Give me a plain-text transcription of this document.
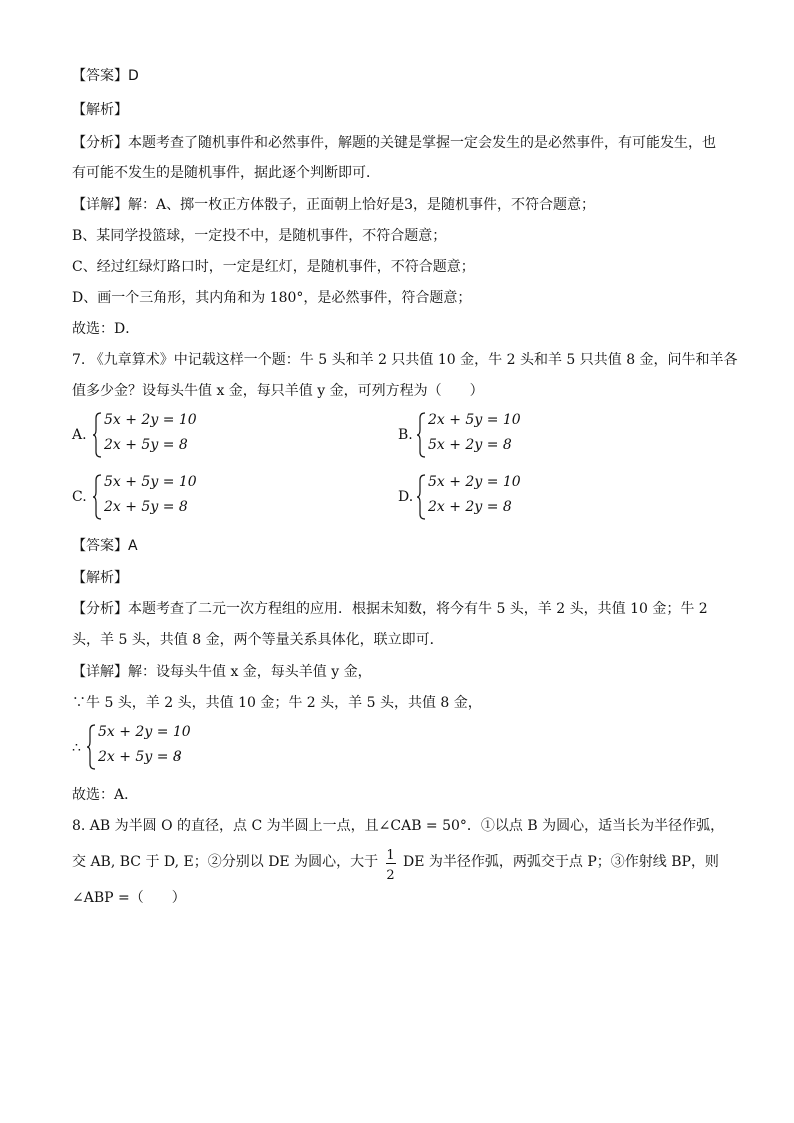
【答案】D
【解析】
【分析】本题考查了随机事件和必然事件，解题的关键是掌握一定会发生的是必然事件，有可能发生，也
有可能不发生的是随机事件，据此逐个判断即可．
【详解】解：A、掷一枚正方体骰子，正面朝上恰好是3，是随机事件，不符合题意；
B、某同学投篮球，一定投不中，是随机事件，不符合题意；
C、经过红绿灯路口时，一定是红灯，是随机事件，不符合题意；
D、画一个三角形，其内角和为 180°，是必然事件，符合题意；
故选：D．
7. 《九章算术》中记载这样一个题：牛 5 头和羊 2 只共值 10 金，牛 2 头和羊 5 只共值 8 金，问牛和羊各
值多少金？设每头牛值 x 金，每只羊值 y 金，可列方程为（　　）
A.
5x + 2y = 10
2x + 5y = 8
B.
2x + 5y = 10
5x + 2y = 8
C.
5x + 5y = 10
2x + 5y = 8
D.
5x + 2y = 10
2x + 2y = 8
【答案】A
【解析】
【分析】本题考查了二元一次方程组的应用．根据未知数，将今有牛 5 头，羊 2 头，共值 10 金；牛 2
头，羊 5 头，共值 8 金，两个等量关系具体化，联立即可．
【详解】解：设每头牛值 x 金，每头羊值 y 金，
∵牛 5 头，羊 2 头，共值 10 金；牛 2 头，羊 5 头，共值 8 金，
∴
5x + 2y = 10
2x + 5y = 8
，
故选：A．
8. AB 为半圆 O 的直径，点 C 为半圆上一点，且∠CAB = 50°．①以点 B 为圆心，适当长为半径作弧，
交 AB, BC 于 D, E；②分别以 DE 为圆心，大于 1
2
DE 为半径作弧，两弧交于点 P；③作射线 BP，则
∠ABP =（　　）
